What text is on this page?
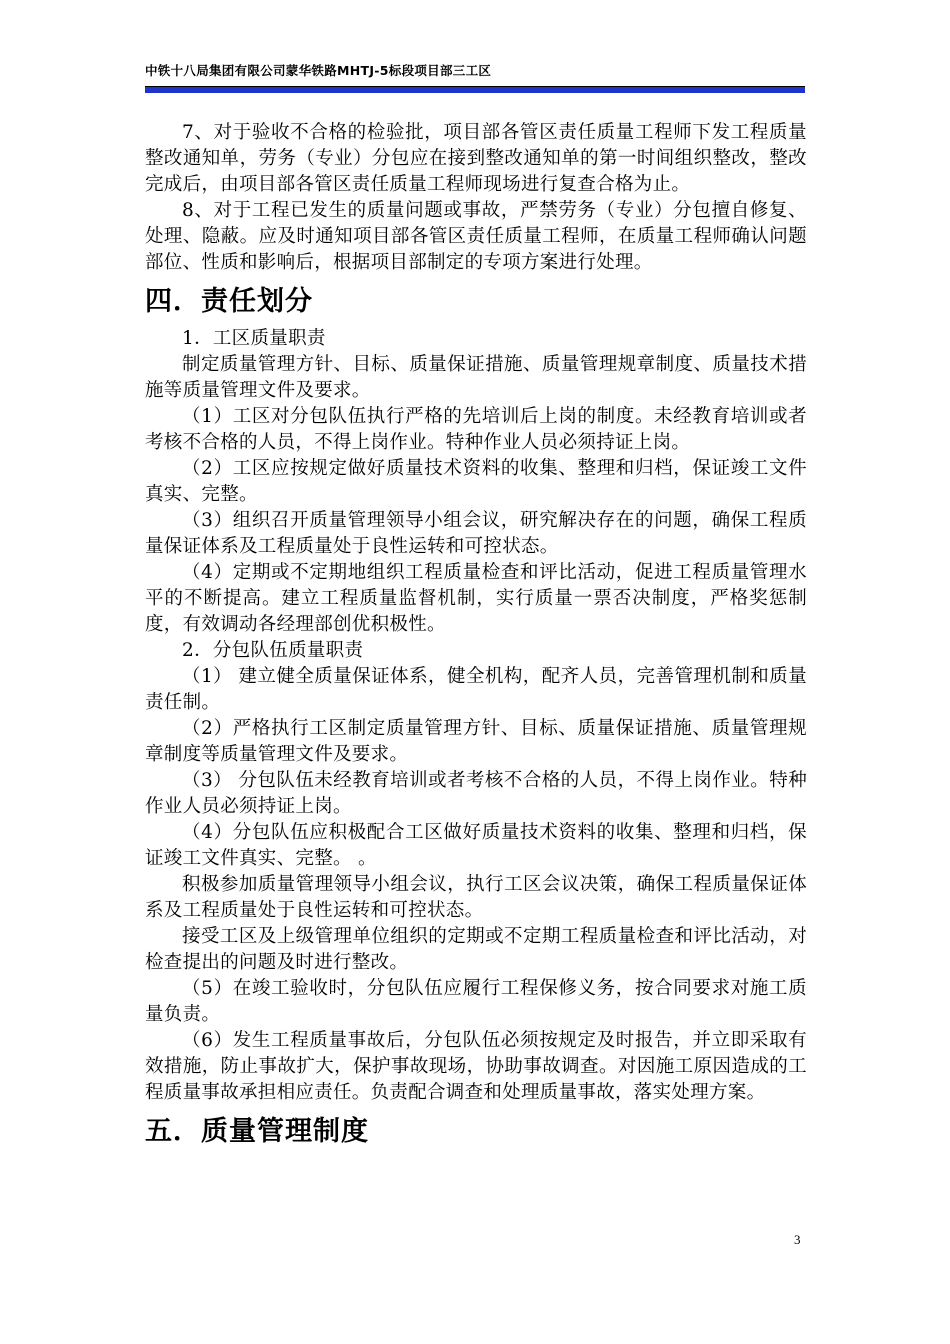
中铁十八局集团有限公司蒙华铁路MHTJ-5标段项目部三工区

7、对于验收不合格的检验批，项目部各管区责任质量工程师下发工程质量整改通知单，劳务（专业）分包应在接到整改通知单的第一时间组织整改，整改完成后，由项目部各管区责任质量工程师现场进行复查合格为止。

8、对于工程已发生的质量问题或事故，严禁劳务（专业）分包擅自修复、处理、隐蔽。应及时通知项目部各管区责任质量工程师，在质量工程师确认问题部位、性质和影响后，根据项目部制定的专项方案进行处理。

四．责任划分

1．工区质量职责

制定质量管理方针、目标、质量保证措施、质量管理规章制度、质量技术措施等质量管理文件及要求。

（1）工区对分包队伍执行严格的先培训后上岗的制度。未经教育培训或者考核不合格的人员，不得上岗作业。特种作业人员必须持证上岗。

（2）工区应按规定做好质量技术资料的收集、整理和归档，保证竣工文件真实、完整。

（3）组织召开质量管理领导小组会议，研究解决存在的问题，确保工程质量保证体系及工程质量处于良性运转和可控状态。

（4）定期或不定期地组织工程质量检查和评比活动，促进工程质量管理水平的不断提高。建立工程质量监督机制，实行质量一票否决制度，严格奖惩制度，有效调动各经理部创优积极性。

2．分包队伍质量职责

（1） 建立健全质量保证体系，健全机构，配齐人员，完善管理机制和质量责任制。

（2）严格执行工区制定质量管理方针、目标、质量保证措施、质量管理规章制度等质量管理文件及要求。

（3） 分包队伍未经教育培训或者考核不合格的人员，不得上岗作业。特种作业人员必须持证上岗。

（4）分包队伍应积极配合工区做好质量技术资料的收集、整理和归档，保证竣工文件真实、完整。 。

积极参加质量管理领导小组会议，执行工区会议决策，确保工程质量保证体系及工程质量处于良性运转和可控状态。

接受工区及上级管理单位组织的定期或不定期工程质量检查和评比活动，对检查提出的问题及时进行整改。

（5）在竣工验收时，分包队伍应履行工程保修义务，按合同要求对施工质量负责。

（6）发生工程质量事故后，分包队伍必须按规定及时报告，并立即采取有效措施，防止事故扩大，保护事故现场，协助事故调查。对因施工原因造成的工程质量事故承担相应责任。负责配合调查和处理质量事故，落实处理方案。

五．质量管理制度
3
